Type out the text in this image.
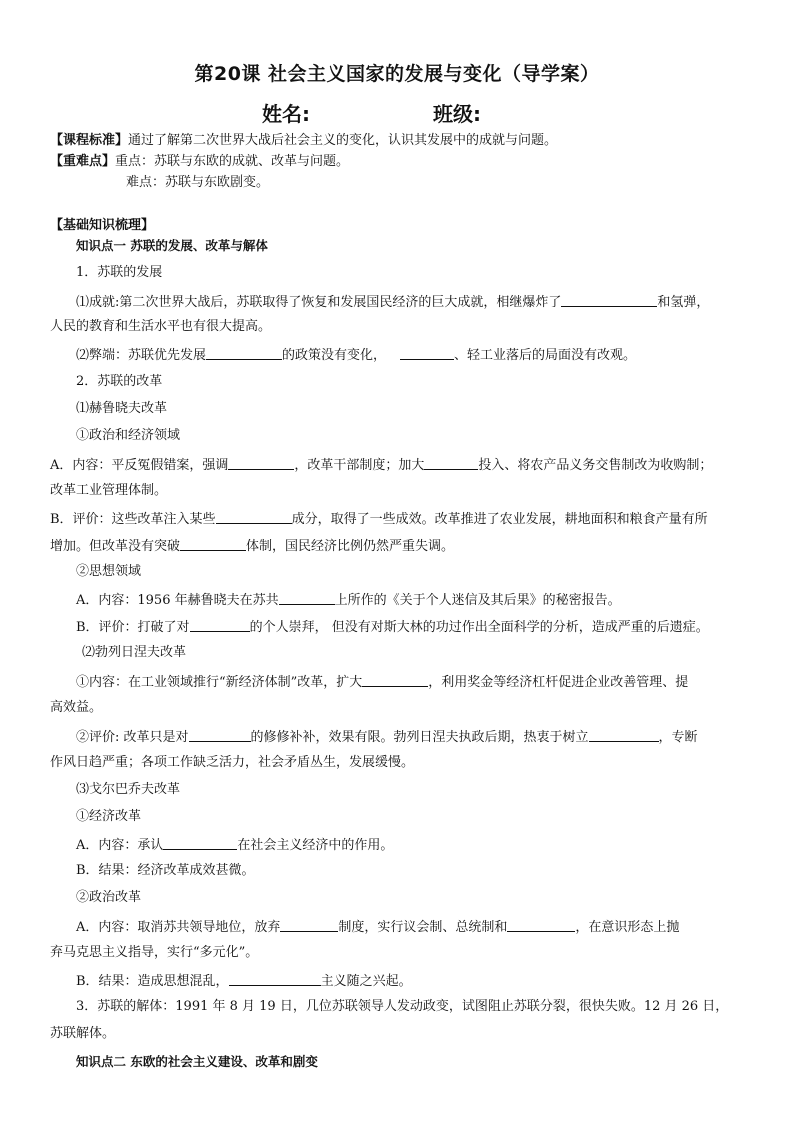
第20课 社会主义国家的发展与变化（导学案）
姓名:	班级:
【课程标准】通过了解第二次世界大战后社会主义的变化，认识其发展中的成就与问题。
【重难点】重点：苏联与东欧的成就、改革与问题。
难点：苏联与东欧剧变。
【基础知识梳理】
知识点一 苏联的发展、改革与解体
1．苏联的发展
⑴成就:第二次世界大战后，苏联取得了恢复和发展国民经济的巨大成就，相继爆炸了	和氢弹，
人民的教育和生活水平也有很大提高。
⑵弊端：苏联优先发展	的政策没有变化，	、轻工业落后的局面没有改观。
2．苏联的改革
⑴赫鲁晓夫改革
①政治和经济领域
A．内容：平反冤假错案，强调	，改革干部制度；加大	投入、将农产品义务交售制改为收购制；
改革工业管理体制。
B．评价：这些改革注入某些	成分，取得了一些成效。改革推进了农业发展，耕地面积和粮食产量有所
增加。但改革没有突破	体制，国民经济比例仍然严重失调。
②思想领域
A．内容：1956 年赫鲁晓夫在苏共	上所作的《关于个人迷信及其后果》的秘密报告。
B．评价：打破了对	的个人崇拜， 但没有对斯大林的功过作出全面科学的分析，造成严重的后遗症。
⑵勃列日涅夫改革
①内容：在工业领域推行“新经济体制”改革，扩大	，利用奖金等经济杠杆促进企业改善管理、提
高效益。
②评价: 改革只是对	的修修补补，效果有限。勃列日涅夫执政后期，热衷于树立	，专断
作风日趋严重；各项工作缺乏活力，社会矛盾丛生，发展缓慢。
⑶戈尔巴乔夫改革
①经济改革
A．内容：承认	在社会主义经济中的作用。
B．结果：经济改革成效甚微。
②政治改革
A．内容：取消苏共领导地位，放弃	制度，实行议会制、总统制和	，在意识形态上抛
弃马克思主义指导，实行“多元化”。
B．结果：造成思想混乱，	主义随之兴起。
3．苏联的解体：1991 年 8 月 19 日，几位苏联领导人发动政变，试图阻止苏联分裂，很快失败。12 月 26 日，
苏联解体。
知识点二 东欧的社会主义建设、改革和剧变
